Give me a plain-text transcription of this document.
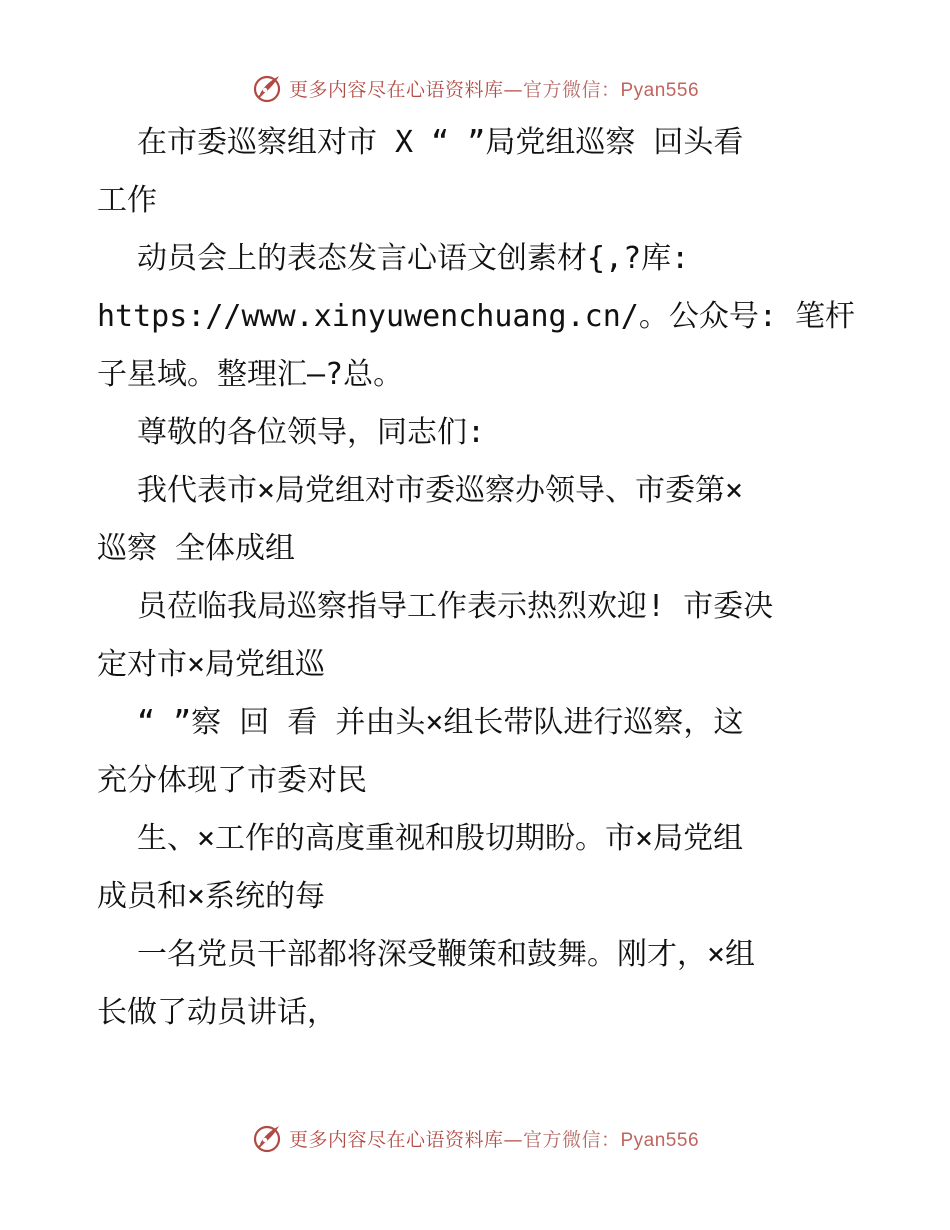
更多内容尽在心语资料库—官方微信：Pyan556
在市委巡察组对市 X “ ”局党组巡察 回头看
工作
动员会上的表态发言心语文创素材{,?库:
https://www.xinyuwenchuang.cn/。公众号: 笔杆
子星域。整理汇—?总。
尊敬的各位领导，同志们:
我代表市×局党组对市委巡察办领导、市委第×
巡察 全体成组
员莅临我局巡察指导工作表示热烈欢迎! 市委决
定对市×局党组巡
“ ”察 回 看 并由头×组长带队进行巡察，这
充分体现了市委对民
生、×工作的高度重视和殷切期盼。市×局党组
成员和×系统的每
一名党员干部都将深受鞭策和鼓舞。刚才，×组
长做了动员讲话，
更多内容尽在心语资料库—官方微信：Pyan556
